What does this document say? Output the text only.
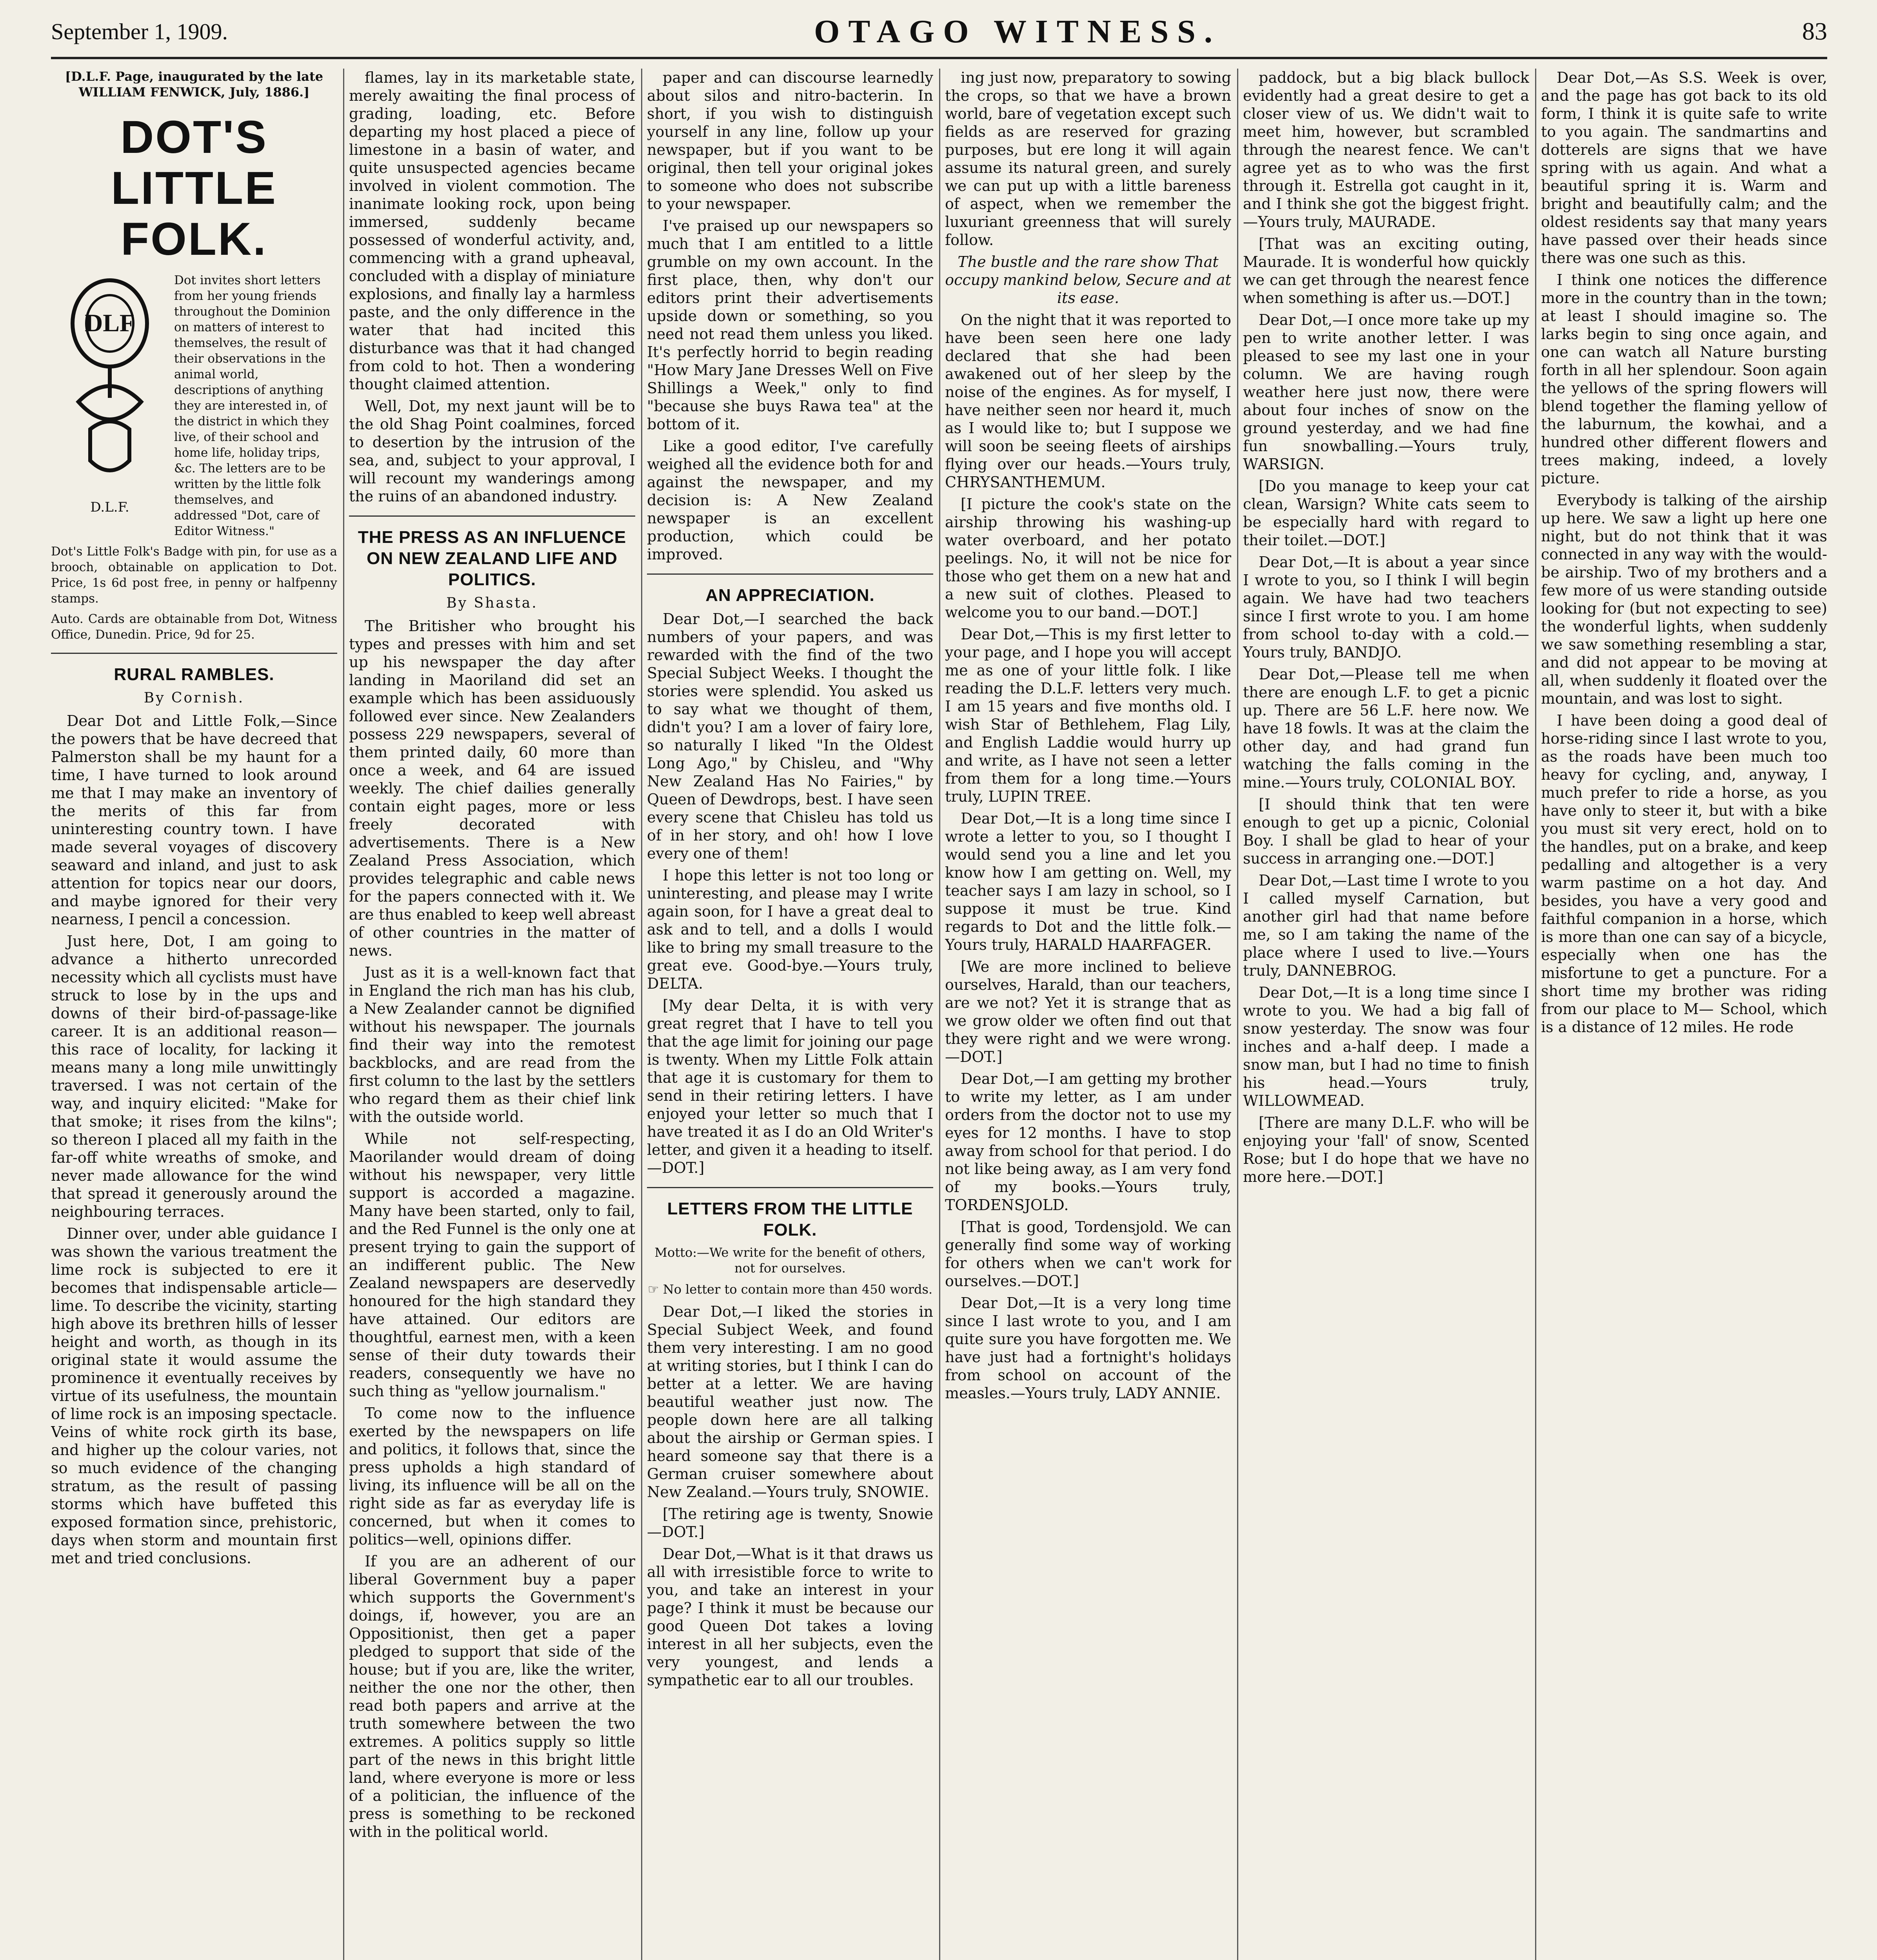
September 1, 1909.	OTAGO WITNESS.	83
[D.L.F. Page, inaugurated by the late WILLIAM FENWICK, July, 1886.]
DOT'S LITTLE FOLK.
DLF
D.L.F.
Dot invites short letters from her young friends throughout the Dominion on matters of interest to themselves, the result of their observations in the animal world, descriptions of anything they are interested in, of the district in which they live, of their school and home life, holiday trips, &c. The letters are to be written by the little folk themselves, and addressed "Dot, care of Editor Witness."
Dot's Little Folk's Badge with pin, for use as a brooch, obtainable on application to Dot. Price, 1s 6d post free, in penny or halfpenny stamps.
Auto. Cards are obtainable from Dot, Witness Office, Dunedin. Price, 9d for 25.
RURAL RAMBLES.
By Cornish.

Dear Dot and Little Folk,—Since the powers that be have decreed that Palmerston shall be my haunt for a time, I have turned to look around me that I may make an inventory of the merits of this far from uninteresting country town. I have made several voyages of discovery seaward and inland, and just to ask attention for topics near our doors, and maybe ignored for their very nearness, I pencil a concession.

Just here, Dot, I am going to advance a hitherto unrecorded necessity which all cyclists must have struck to lose by in the ups and downs of their bird-of-passage-like career. It is an additional reason—this race of locality, for lacking it means many a long mile unwittingly traversed. I was not certain of the way, and inquiry elicited: "Make for that smoke; it rises from the kilns"; so thereon I placed all my faith in the far-off white wreaths of smoke, and never made allowance for the wind that spread it generously around the neighbouring terraces.

Dinner over, under able guidance I was shown the various treatment the lime rock is subjected to ere it becomes that indispensable article—lime. To describe the vicinity, starting high above its brethren hills of lesser height and worth, as though in its original state it would assume the prominence it eventually receives by virtue of its usefulness, the mountain of lime rock is an imposing spectacle. Veins of white rock girth its base, and higher up the colour varies, not so much evidence of the changing stratum, as the result of passing storms which have buffeted this exposed formation since, prehistoric, days when storm and mountain first met and tried conclusions.

flames, lay in its marketable state, merely awaiting the final process of grading, loading, etc. Before departing my host placed a piece of limestone in a basin of water, and quite unsuspected agencies became involved in violent commotion. The inanimate looking rock, upon being immersed, suddenly became possessed of wonderful activity, and, commencing with a grand upheaval, concluded with a display of miniature explosions, and finally lay a harmless paste, and the only difference in the water that had incited this disturbance was that it had changed from cold to hot. Then a wondering thought claimed attention.

Well, Dot, my next jaunt will be to the old Shag Point coalmines, forced to desertion by the intrusion of the sea, and, subject to your approval, I will recount my wanderings among the ruins of an abandoned industry.

THE PRESS AS AN INFLUENCE ON NEW ZEALAND LIFE AND POLITICS.
By Shasta.

The Britisher who brought his types and presses with him and set up his newspaper the day after landing in Maoriland did set an example which has been assiduously followed ever since. New Zealanders possess 229 newspapers, several of them printed daily, 60 more than once a week, and 64 are issued weekly. The chief dailies generally contain eight pages, more or less freely decorated with advertisements. There is a New Zealand Press Association, which provides telegraphic and cable news for the papers connected with it. We are thus enabled to keep well abreast of other countries in the matter of news.

Just as it is a well-known fact that in England the rich man has his club, a New Zealander cannot be dignified without his newspaper. The journals find their way into the remotest backblocks, and are read from the first column to the last by the settlers who regard them as their chief link with the outside world.

While not self-respecting, Maorilander would dream of doing without his newspaper, very little support is accorded a magazine. Many have been started, only to fail, and the Red Funnel is the only one at present trying to gain the support of an indifferent public. The New Zealand newspapers are deservedly honoured for the high standard they have attained. Our editors are thoughtful, earnest men, with a keen sense of their duty towards their readers, consequently we have no such thing as "yellow journalism."

To come now to the influence exerted by the newspapers on life and politics, it follows that, since the press upholds a high standard of living, its influence will be all on the right side as far as everyday life is concerned, but when it comes to politics—well, opinions differ.

If you are an adherent of our liberal Government buy a paper which supports the Government's doings, if, however, you are an Oppositionist, then get a paper pledged to support that side of the house; but if you are, like the writer, neither the one nor the other, then read both papers and arrive at the truth somewhere between the two extremes. A politics supply so little part of the news in this bright little land, where everyone is more or less of a politician, the influence of the press is something to be reckoned with in the political world.

paper and can discourse learnedly about silos and nitro-bacterin. In short, if you wish to distinguish yourself in any line, follow up your newspaper, but if you want to be original, then tell your original jokes to someone who does not subscribe to your newspaper.

I've praised up our newspapers so much that I am entitled to a little grumble on my own account. In the first place, then, why don't our editors print their advertisements upside down or something, so you need not read them unless you liked. It's perfectly horrid to begin reading "How Mary Jane Dresses Well on Five Shillings a Week," only to find "because she buys Rawa tea" at the bottom of it.

Like a good editor, I've carefully weighed all the evidence both for and against the newspaper, and my decision is: A New Zealand newspaper is an excellent production, which could be improved.

AN APPRECIATION.

Dear Dot,—I searched the back numbers of your papers, and was rewarded with the find of the two Special Subject Weeks. I thought the stories were splendid. You asked us to say what we thought of them, didn't you? I am a lover of fairy lore, so naturally I liked "In the Oldest Long Ago," by Chisleu, and "Why New Zealand Has No Fairies," by Queen of Dewdrops, best. I have seen every scene that Chisleu has told us of in her story, and oh! how I love every one of them!

I hope this letter is not too long or uninteresting, and please may I write again soon, for I have a great deal to ask and to tell, and a dolls I would like to bring my small treasure to the great eve. Good-bye.—Yours truly, DELTA.

[My dear Delta, it is with very great regret that I have to tell you that the age limit for joining our page is twenty. When my Little Folk attain that age it is customary for them to send in their retiring letters. I have enjoyed your letter so much that I have treated it as I do an Old Writer's letter, and given it a heading to itself.—DOT.]

LETTERS FROM THE LITTLE FOLK.
Motto:—We write for the benefit of others, not for ourselves.
☞ No letter to contain more than 450 words.

Dear Dot,—I liked the stories in Special Subject Week, and found them very interesting. I am no good at writing stories, but I think I can do better at a letter. We are having beautiful weather just now. The people down here are all talking about the airship or German spies. I heard someone say that there is a German cruiser somewhere about New Zealand.—Yours truly, SNOWIE.

[The retiring age is twenty, Snowie—DOT.]

Dear Dot,—What is it that draws us all with irresistible force to write to you, and take an interest in your page? I think it must be because our good Queen Dot takes a loving interest in all her subjects, even the very youngest, and lends a sympathetic ear to all our troubles.

ing just now, preparatory to sowing the crops, so that we have a brown world, bare of vegetation except such fields as are reserved for grazing purposes, but ere long it will again assume its natural green, and surely we can put up with a little bareness of aspect, when we remember the luxuriant greenness that will surely follow.

The bustle and the rare show That occupy mankind below, Secure and at its ease.

On the night that it was reported to have been seen here one lady declared that she had been awakened out of her sleep by the noise of the engines. As for myself, I have neither seen nor heard it, much as I would like to; but I suppose we will soon be seeing fleets of airships flying over our heads.—Yours truly, CHRYSANTHEMUM.

[I picture the cook's state on the airship throwing his washing-up water overboard, and her potato peelings. No, it will not be nice for those who get them on a new hat and a new suit of clothes. Pleased to welcome you to our band.—DOT.]

Dear Dot,—This is my first letter to your page, and I hope you will accept me as one of your little folk. I like reading the D.L.F. letters very much. I am 15 years and five months old. I wish Star of Bethlehem, Flag Lily, and English Laddie would hurry up and write, as I have not seen a letter from them for a long time.—Yours truly, LUPIN TREE.

Dear Dot,—It is a long time since I wrote a letter to you, so I thought I would send you a line and let you know how I am getting on. Well, my teacher says I am lazy in school, so I suppose it must be true. Kind regards to Dot and the little folk.—Yours truly, HARALD HAARFAGER.

[We are more inclined to believe ourselves, Harald, than our teachers, are we not? Yet it is strange that as we grow older we often find out that they were right and we were wrong.—DOT.]

Dear Dot,—I am getting my brother to write my letter, as I am under orders from the doctor not to use my eyes for 12 months. I have to stop away from school for that period. I do not like being away, as I am very fond of my books.—Yours truly, TORDENSJOLD.

[That is good, Tordensjold. We can generally find some way of working for others when we can't work for ourselves.—DOT.]

Dear Dot,—It is a very long time since I last wrote to you, and I am quite sure you have forgotten me. We have just had a fortnight's holidays from school on account of the measles.—Yours truly, LADY ANNIE.

paddock, but a big black bullock evidently had a great desire to get a closer view of us. We didn't wait to meet him, however, but scrambled through the nearest fence. We can't agree yet as to who was the first through it. Estrella got caught in it, and I think she got the biggest fright.—Yours truly, MAURADE.

[That was an exciting outing, Maurade. It is wonderful how quickly we can get through the nearest fence when something is after us.—DOT.]

Dear Dot,—I once more take up my pen to write another letter. I was pleased to see my last one in your column. We are having rough weather here just now, there were about four inches of snow on the ground yesterday, and we had fine fun snowballing.—Yours truly, WARSIGN.

[Do you manage to keep your cat clean, Warsign? White cats seem to be especially hard with regard to their toilet.—DOT.]

Dear Dot,—It is about a year since I wrote to you, so I think I will begin again. We have had two teachers since I first wrote to you. I am home from school to-day with a cold.—Yours truly, BANDJO.

Dear Dot,—Please tell me when there are enough L.F. to get a picnic up. There are 56 L.F. here now. We have 18 fowls. It was at the claim the other day, and had grand fun watching the falls coming in the mine.—Yours truly, COLONIAL BOY.

[I should think that ten were enough to get up a picnic, Colonial Boy. I shall be glad to hear of your success in arranging one.—DOT.]

Dear Dot,—Last time I wrote to you I called myself Carnation, but another girl had that name before me, so I am taking the name of the place where I used to live.—Yours truly, DANNEBROG.

Dear Dot,—It is a long time since I wrote to you. We had a big fall of snow yesterday. The snow was four inches and a-half deep. I made a snow man, but I had no time to finish his head.—Yours truly, WILLOWMEAD.

[There are many D.L.F. who will be enjoying your 'fall' of snow, Scented Rose; but I do hope that we have no more here.—DOT.]

Dear Dot,—As S.S. Week is over, and the page has got back to its old form, I think it is quite safe to write to you again. The sandmartins and dotterels are signs that we have spring with us again. And what a beautiful spring it is. Warm and bright and beautifully calm; and the oldest residents say that many years have passed over their heads since there was one such as this.

I think one notices the difference more in the country than in the town; at least I should imagine so. The larks begin to sing once again, and one can watch all Nature bursting forth in all her splendour. Soon again the yellows of the spring flowers will blend together the flaming yellow of the laburnum, the kowhai, and a hundred other different flowers and trees making, indeed, a lovely picture.

Everybody is talking of the airship up here. We saw a light up here one night, but do not think that it was connected in any way with the would-be airship. Two of my brothers and a few more of us were standing outside looking for (but not expecting to see) the wonderful lights, when suddenly we saw something resembling a star, and did not appear to be moving at all, when suddenly it floated over the mountain, and was lost to sight.

I have been doing a good deal of horse-riding since I last wrote to you, as the roads have been much too heavy for cycling, and, anyway, I much prefer to ride a horse, as you have only to steer it, but with a bike you must sit very erect, hold on to the handles, put on a brake, and keep pedalling and altogether is a very warm pastime on a hot day. And besides, you have a very good and faithful companion in a horse, which is more than one can say of a bicycle, especially when one has the misfortune to get a puncture. For a short time my brother was riding from our place to M— School, which is a distance of 12 miles. He rode
